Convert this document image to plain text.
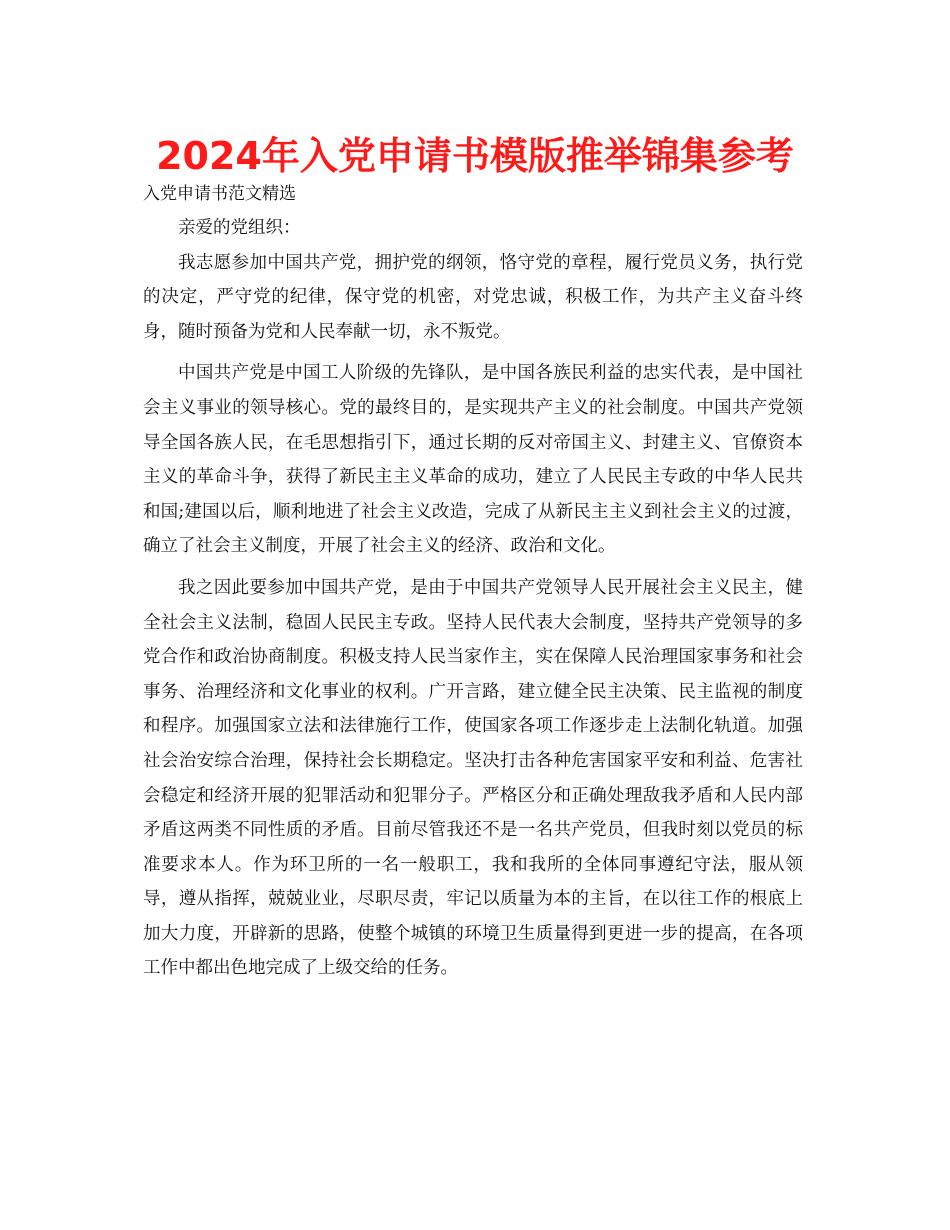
2024年入党申请书模版推举锦集参考
入党申请书范文精选

亲爱的党组织：

我志愿参加中国共产党，拥护党的纲领，恪守党的章程，履行党员义务，执行党的决定，严守党的纪律，保守党的机密，对党忠诚，积极工作，为共产主义奋斗终身，随时预备为党和人民奉献一切，永不叛党。

中国共产党是中国工人阶级的先锋队，是中国各族民利益的忠实代表，是中国社会主义事业的领导核心。党的最终目的，是实现共产主义的社会制度。中国共产党领导全国各族人民，在毛思想指引下，通过长期的反对帝国主义、封建主义、官僚资本主义的革命斗争，获得了新民主主义革命的成功，建立了人民民主专政的中华人民共和国;建国以后，顺利地进了社会主义改造，完成了从新民主主义到社会主义的过渡，确立了社会主义制度，开展了社会主义的经济、政治和文化。

我之因此要参加中国共产党，是由于中国共产党领导人民开展社会主义民主，健全社会主义法制，稳固人民民主专政。坚持人民代表大会制度，坚持共产党领导的多党合作和政治协商制度。积极支持人民当家作主，实在保障人民治理国家事务和社会事务、治理经济和文化事业的权利。广开言路，建立健全民主决策、民主监视的制度和程序。加强国家立法和法律施行工作，使国家各项工作逐步走上法制化轨道。加强社会治安综合治理，保持社会长期稳定。坚决打击各种危害国家平安和利益、危害社会稳定和经济开展的犯罪活动和犯罪分子。严格区分和正确处理敌我矛盾和人民内部矛盾这两类不同性质的矛盾。目前尽管我还不是一名共产党员，但我时刻以党员的标准要求本人。作为环卫所的一名一般职工，我和我所的全体同事遵纪守法，服从领导，遵从指挥，兢兢业业，尽职尽责，牢记以质量为本的主旨，在以往工作的根底上加大力度，开辟新的思路，使整个城镇的环境卫生质量得到更进一步的提高，在各项工作中都出色地完成了上级交给的任务。
